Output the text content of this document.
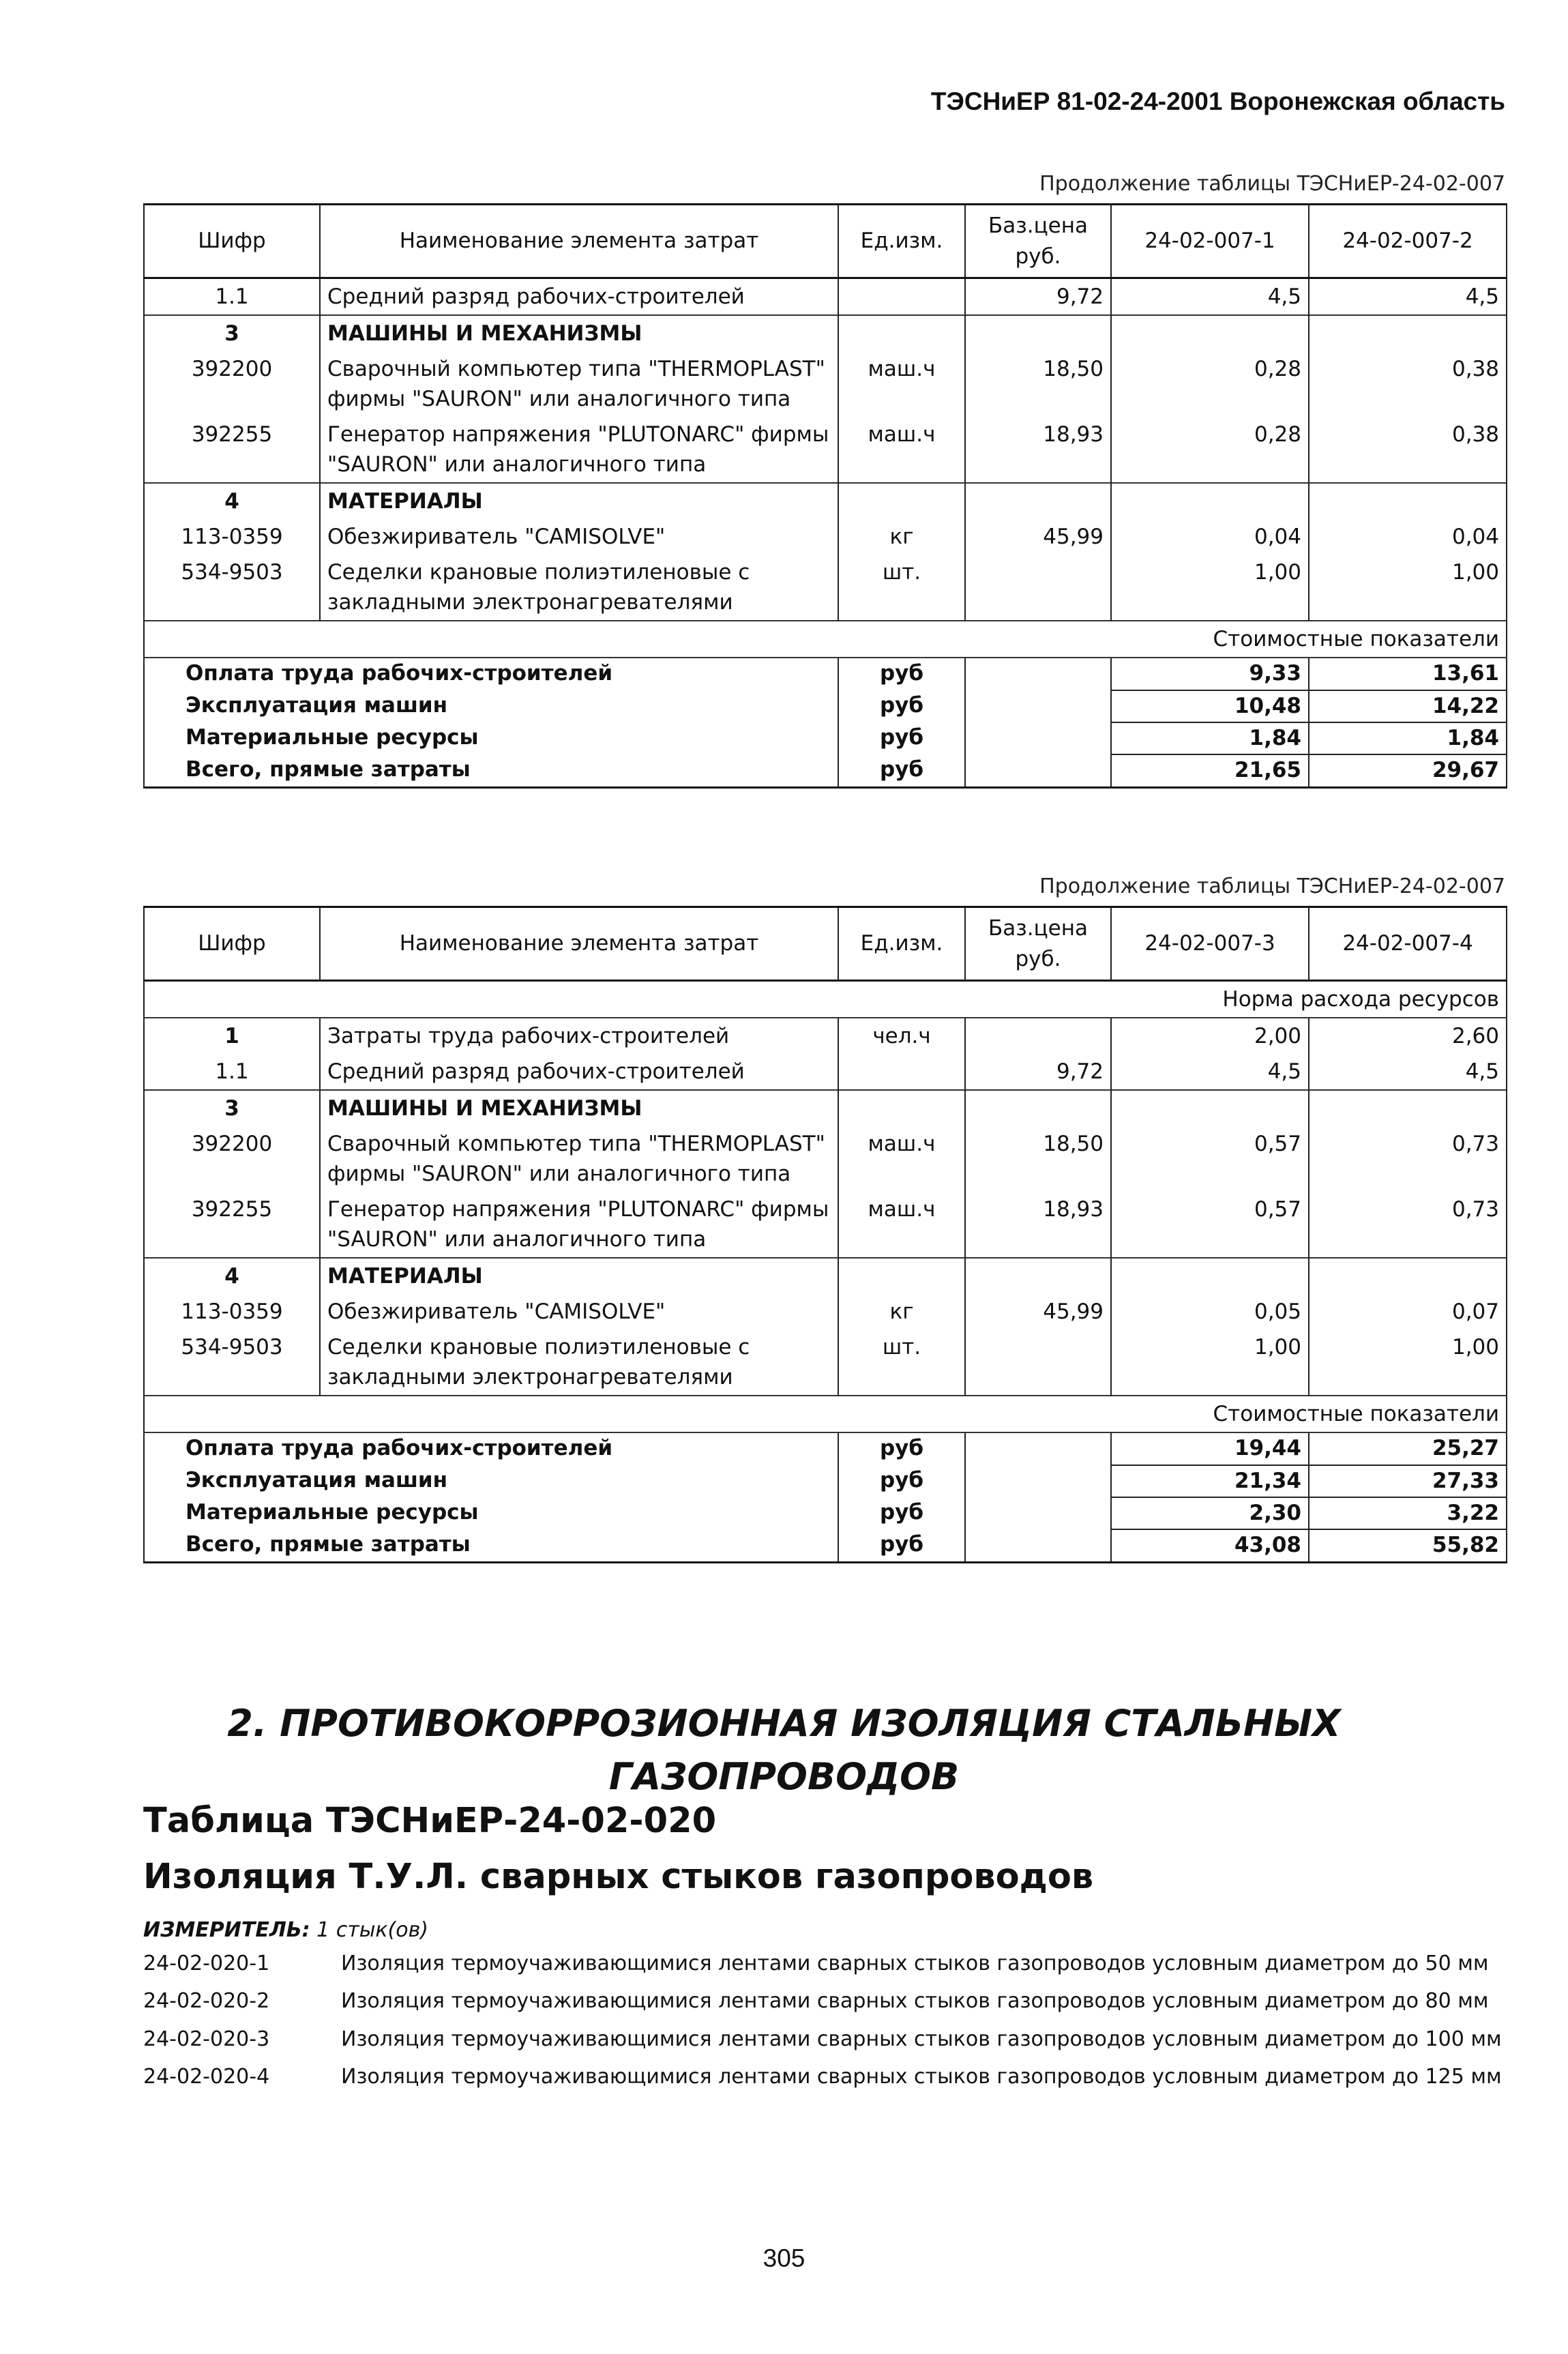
ТЭСНиЕР 81-02-24-2001 Воронежская область
Продолжение таблицы ТЭСНиЕР-24-02-007
Шифр	Наименование элемента затрат	Ед.изм.	Баз.цена руб.	24-02-007-1	24-02-007-2
1.1	Средний разряд рабочих-строителей		9,72	4,5	4,5
3	МАШИНЫ И МЕХАНИЗМЫ				
392200	Сварочный компьютер типа "THERMOPLAST" фирмы "SAURON" или аналогичного типа	маш.ч	18,50	0,28	0,38
392255	Генератор напряжения "PLUTONARC" фирмы "SAURON" или аналогичного типа	маш.ч	18,93	0,28	0,38
4	МАТЕРИАЛЫ				
113-0359	Обезжириватель "CAMISOLVE"	кг	45,99	0,04	0,04
534-9503	Седелки крановые полиэтиленовые с закладными электронагревателями	шт.		1,00	1,00
Стоимостные показатели					
Оплата труда рабочих-строителей		руб		9,33	13,61
Эксплуатация машин		руб		10,48	14,22
Материальные ресурсы		руб		1,84	1,84
Всего, прямые затраты		руб		21,65	29,67
Продолжение таблицы ТЭСНиЕР-24-02-007
Шифр	Наименование элемента затрат	Ед.изм.	Баз.цена руб.	24-02-007-3	24-02-007-4
Норма расхода ресурсов					
1	Затраты труда рабочих-строителей	чел.ч		2,00	2,60
1.1	Средний разряд рабочих-строителей		9,72	4,5	4,5
3	МАШИНЫ И МЕХАНИЗМЫ				
392200	Сварочный компьютер типа "THERMOPLAST" фирмы "SAURON" или аналогичного типа	маш.ч	18,50	0,57	0,73
392255	Генератор напряжения "PLUTONARC" фирмы "SAURON" или аналогичного типа	маш.ч	18,93	0,57	0,73
4	МАТЕРИАЛЫ				
113-0359	Обезжириватель "CAMISOLVE"	кг	45,99	0,05	0,07
534-9503	Седелки крановые полиэтиленовые с закладными электронагревателями	шт.		1,00	1,00
Стоимостные показатели					
Оплата труда рабочих-строителей		руб		19,44	25,27
Эксплуатация машин		руб		21,34	27,33
Материальные ресурсы		руб		2,30	3,22
Всего, прямые затраты		руб		43,08	55,82
2. ПРОТИВОКОРРОЗИОННАЯ ИЗОЛЯЦИЯ СТАЛЬНЫХ
ГАЗОПРОВОДОВ
Таблица ТЭСНиЕР-24-02-020
Изоляция Т.У.Л. сварных стыков газопроводов
ИЗМЕРИТЕЛЬ: 1 стык(ов)
24-02-020-1	Изоляция термоучаживающимися лентами сварных стыков газопроводов условным диаметром до 50 мм
24-02-020-2	Изоляция термоучаживающимися лентами сварных стыков газопроводов условным диаметром до 80 мм
24-02-020-3	Изоляция термоучаживающимися лентами сварных стыков газопроводов условным диаметром до 100 мм
24-02-020-4	Изоляция термоучаживающимися лентами сварных стыков газопроводов условным диаметром до 125 мм
305
